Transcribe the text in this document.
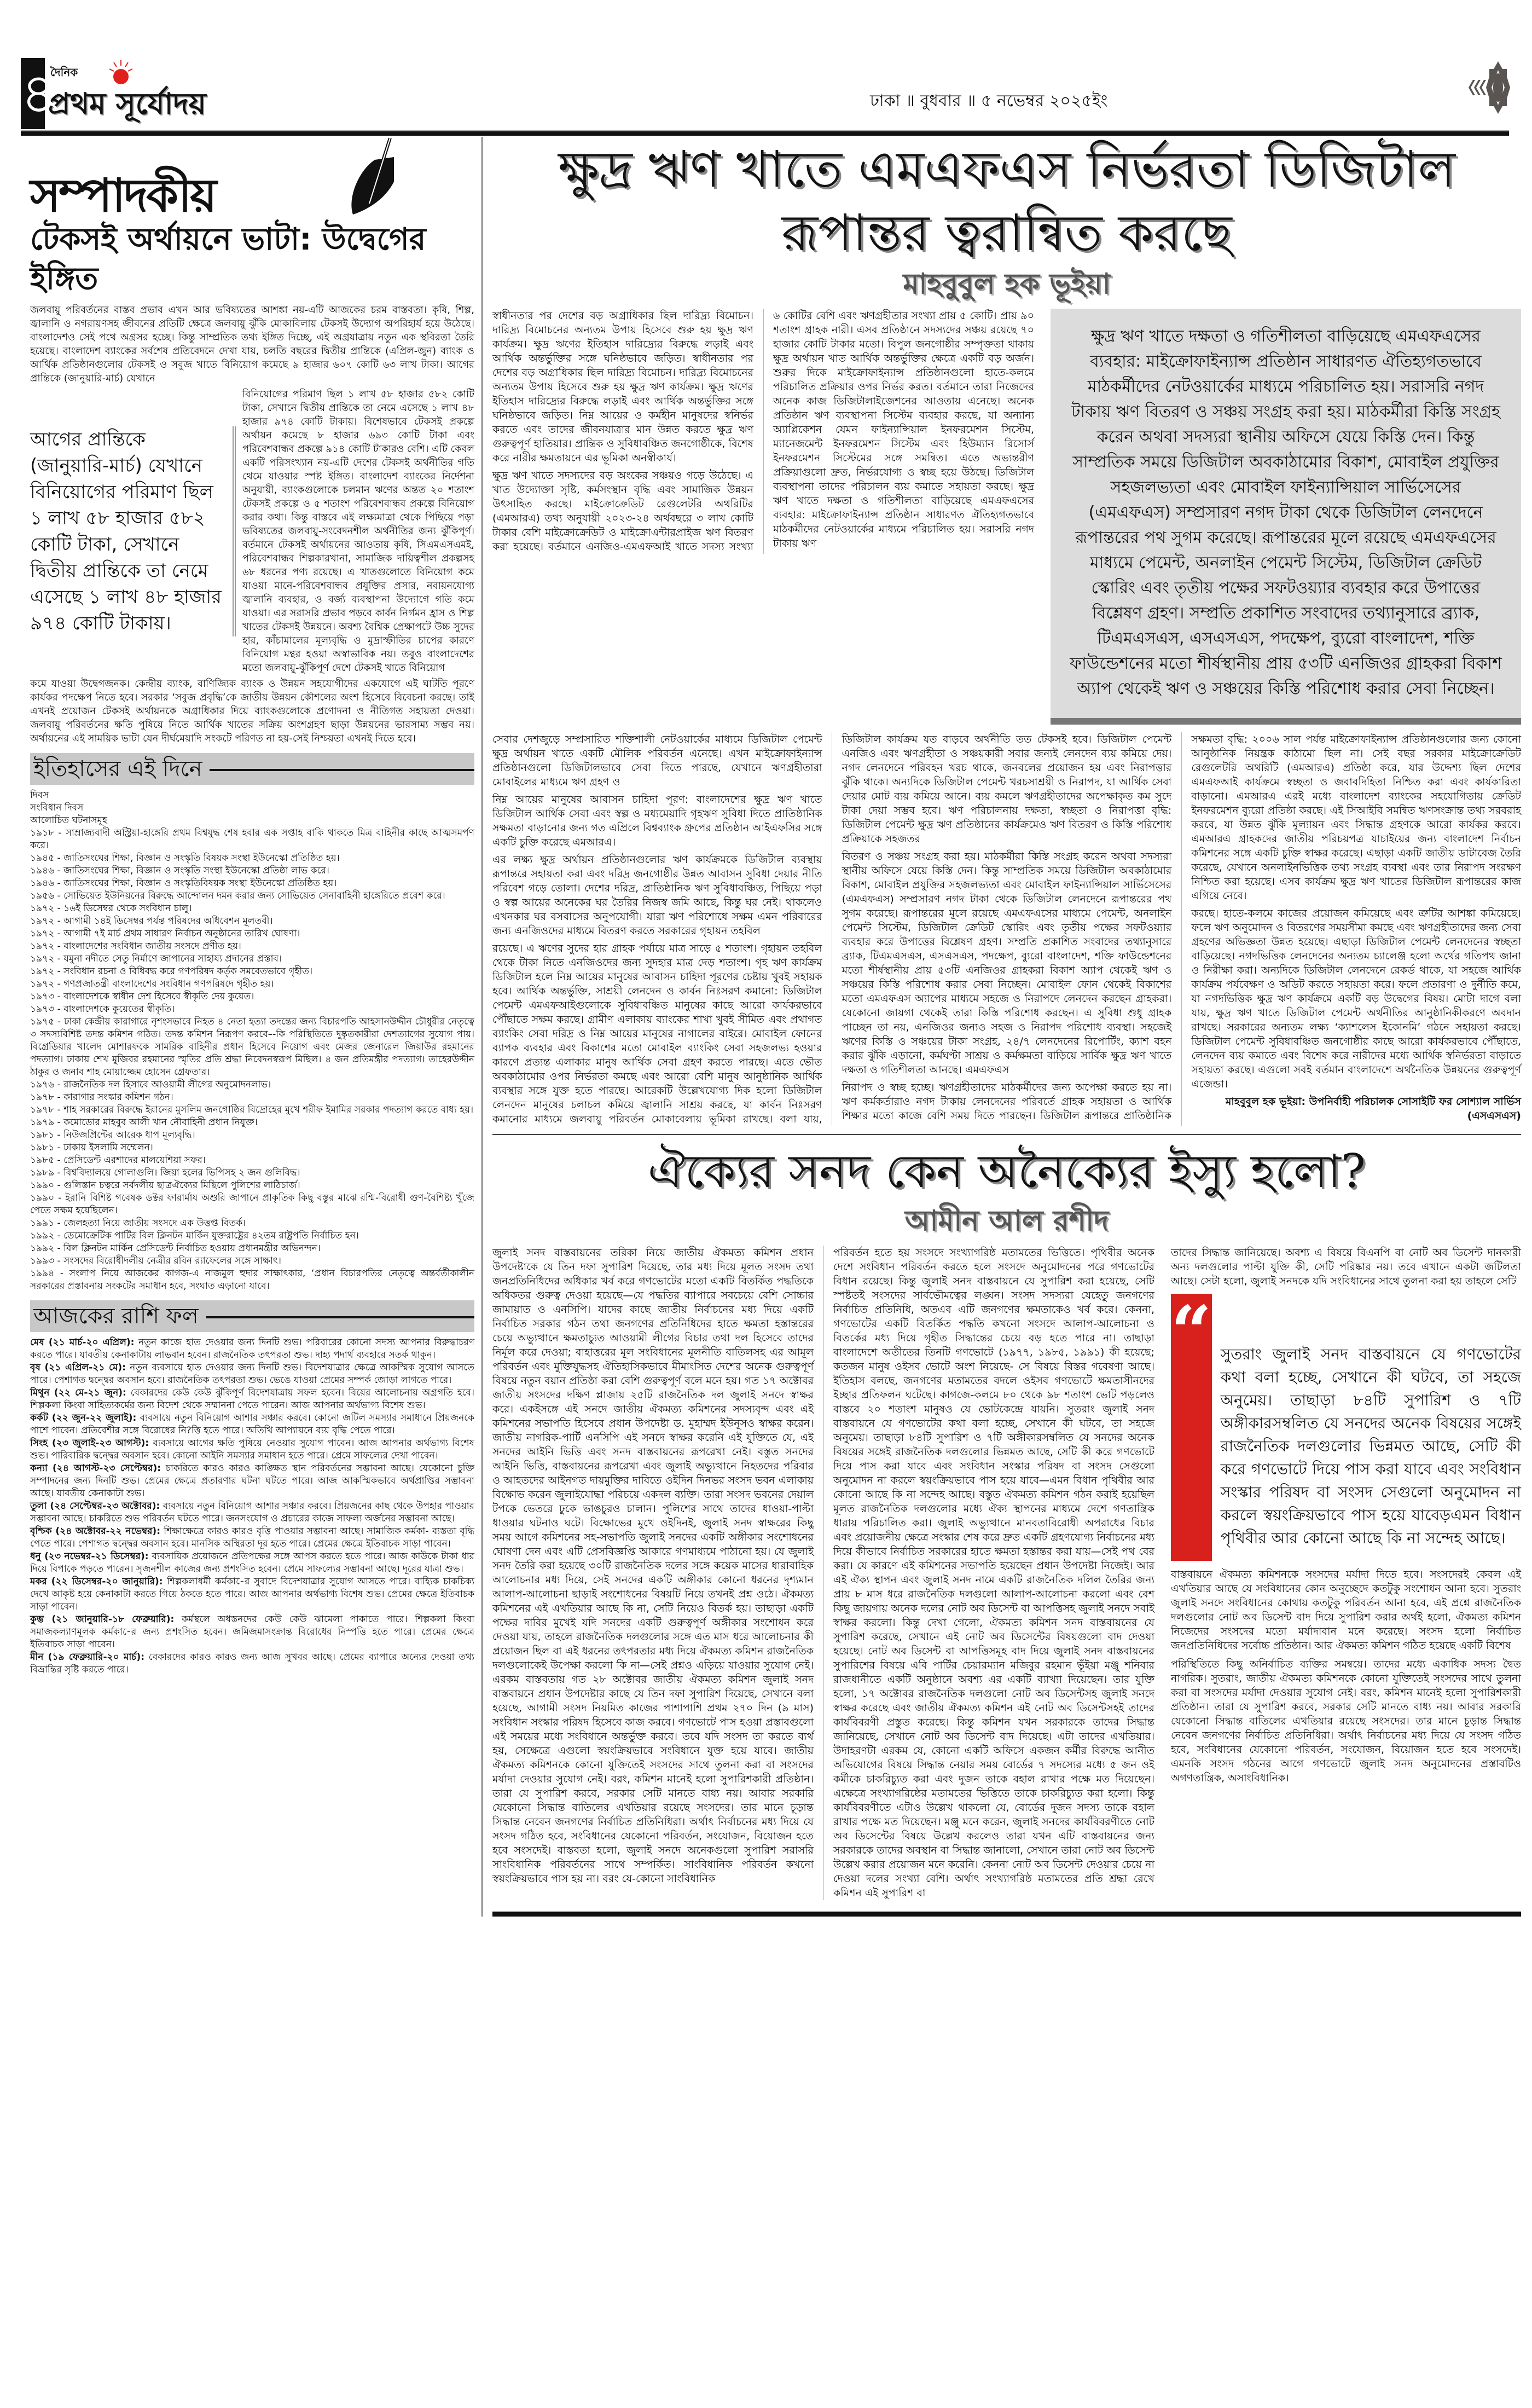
৪
দৈনিক
প্রথম সূর্যোদয়	ঢাকা ॥ বুধবার ॥ ৫ নভেম্বর ২০২৫ইং
সম্পাদকীয়
টেকসই অর্থায়নে ভাটা: উদ্বেগের ইঙ্গিত
জলবায়ু পরিবর্তনের বাস্তব প্রভাব এখন আর ভবিষ্যতের আশঙ্কা নয়-এটি আজকের চরম বাস্তবতা। কৃষি, শিল্প, জ্বালানি ও নগরায়ণসহ জীবনের প্রতিটি ক্ষেত্রে জলবায়ু ঝুঁকি মোকাবিলায় টেকসই উদ্যোগ অপরিহার্য হয়ে উঠেছে। বাংলাদেশও সেই পথে অগ্রসর হচ্ছে। কিন্তু সাম্প্রতিক তথ্য ইঙ্গিত দিচ্ছে, এই অগ্রযাত্রায় নতুন এক স্থবিরতা তৈরি হয়েছে। বাংলাদেশ ব্যাংকের সর্বশেষ প্রতিবেদনে দেখা যায়, চলতি বছরের দ্বিতীয় প্রান্তিকে (এপ্রিল-জুন) ব্যাংক ও আর্থিক প্রতিষ্ঠানগুলোর টেকসই ও সবুজ খাতে বিনিয়োগ কমেছে ৯ হাজার ৬০৭ কোটি ৬৩ লাখ টাকা। আগের প্রান্তিকে (জানুয়ারি-মার্চ) যেখানে
আগের প্রান্তিকে (জানুয়ারি-মার্চ) যেখানে বিনিয়োগের পরিমাণ ছিল ১ লাখ ৫৮ হাজার ৫৮২ কোটি টাকা, সেখানে দ্বিতীয় প্রান্তিকে তা নেমে এসেছে ১ লাখ ৪৮ হাজার ৯৭৪ কোটি টাকায়।
বিনিয়োগের পরিমাণ ছিল ১ লাখ ৫৮ হাজার ৫৮২ কোটি টাকা, সেখানে দ্বিতীয় প্রান্তিকে তা নেমে এসেছে ১ লাখ ৪৮ হাজার ৯৭৪ কোটি টাকায়। বিশেষভাবে টেকসই প্রকল্পে অর্থায়ন কমেছে ৮ হাজার ৬৯৩ কোটি টাকা এবং পরিবেশবান্ধব প্রকল্পে ৯১৪ কোটি টাকারও বেশি। এটি কেবল একটি পরিসংখ্যান নয়-এটি দেশের টেকসই অর্থনীতির গতি থেমে যাওয়ার স্পষ্ট ইঙ্গিত। বাংলাদেশ ব্যাংকের নির্দেশনা অনুযায়ী, ব্যাংকগুলোকে চলমান ঋণের অন্তত ২০ শতাংশ টেকসই প্রকল্পে ও ৫ শতাংশ পরিবেশবান্ধব প্রকল্পে বিনিয়োগ করার কথা। কিন্তু বাস্তবে এই লক্ষ্যমাত্রা থেকে পিছিয়ে পড়া ভবিষ্যতের জলবায়ু-সংবেদনশীল অর্থনীতির জন্য ঝুঁকিপূর্ণ। বর্তমানে টেকসই অর্থায়নের আওতায় কৃষি, সিএমএসএমই, পরিবেশবান্ধব শিল্পকারখানা, সামাজিক দায়িত্বশীল প্রকল্পসহ ৬৮ ধরনের পণ্য রয়েছে। এ খাতগুলোতে বিনিয়োগ কমে যাওয়া মানে-পরিবেশবান্ধব প্রযুক্তির প্রসার, নবায়নযোগ্য জ্বালানি ব্যবহার, ও বর্জ্য ব্যবস্থাপনা উদ্যোগে গতি কমে যাওয়া। এর সরাসরি প্রভাব পড়বে কার্বন নির্গমন হ্রাস ও শিল্প খাতের টেকসই উন্নয়নে। অবশ্য বৈশ্বিক প্রেক্ষাপটে উচ্চ সুদের হার, কাঁচামালের মূল্যবৃদ্ধি ও মুদ্রাস্ফীতির চাপের কারণে বিনিয়োগ মন্থর হওয়া অস্বাভাবিক নয়। তবুও বাংলাদেশের মতো জলবায়ু-ঝুঁকিপূর্ণ দেশে টেকসই খাতে বিনিয়োগ
কমে যাওয়া উদ্বেগজনক। কেন্দ্রীয় ব্যাংক, বাণিজ্যিক ব্যাংক ও উন্নয়ন সহযোগীদের একযোগে এই ঘাটতি পূরণে কার্যকর পদক্ষেপ নিতে হবে। সরকার ‘সবুজ প্রবৃদ্ধি’কে জাতীয় উন্নয়ন কৌশলের অংশ হিসেবে বিবেচনা করছে। তাই এখনই প্রয়োজন টেকসই অর্থায়নকে অগ্রাধিকার দিয়ে ব্যাংকগুলোকে প্রণোদনা ও নীতিগত সহায়তা দেওয়া। জলবায়ু পরিবর্তনের ক্ষতি পুষিয়ে নিতে আর্থিক খাতের সক্রিয় অংশগ্রহণ ছাড়া উন্নয়নের ভারসাম্য সম্ভব নয়। অর্থায়নের এই সাময়িক ভাটা যেন দীর্ঘমেয়াদি সংকটে পরিণত না হয়-সেই নিশ্চয়তা এখনই দিতে হবে।
ইতিহাসের এই দিনে
দিবস
সংবিধান দিবস
আলোচিত ঘটনাসমূহ
১৯১৮ - সাম্রাজ্যবাদী অস্ট্রিয়া-হাঙ্গেরি প্রথম বিশ্বযুদ্ধ শেষ হবার এক সপ্তাহ বাকি থাকতে মিত্র বাহিনীর কাছে আত্মসমর্পণ করে।
১৯৪৫ - জাতিসংঘের শিক্ষা, বিজ্ঞান ও সংস্কৃতি বিষয়ক সংস্থা ইউনেস্কো প্রতিষ্ঠিত হয়।
১৯৪৬ - জাতিসংঘের শিক্ষা, বিজ্ঞান ও সংস্কৃতি সংস্থা ইউনেস্কো প্রতিষ্ঠা লাভ করে।
১৯৪৬ - জাতিসংঘের শিক্ষা, বিজ্ঞান ও সংস্কৃতিবিষয়ক সংস্থা ইউনেস্কো প্রতিষ্ঠিত হয়।
১৯৫৬ - সোভিয়েত ইউনিয়নের বিরুদ্ধে আন্দোলন দমন করার জন্য সোভিয়েত সেনাবাহিনী হাঙ্গেরিতে প্রবেশ করে।
১৯৭২ - ১৬ই ডিসেম্বর থেকে সংবিধান চালু।
১৯৭২ - আগামী ১৪ই ডিসেম্বর পর্যন্ত পরিষদের অধিবেশন মূলতবী।
১৯৭২ - আগামী ৭ই মার্চ প্রথম সাধারণ নির্বাচন অনুষ্ঠানের তারিখ ঘোষণা।
১৯৭২ - বাংলাদেশের সংবিধান জাতীয় সংসদে প্রণীত হয়।
১৯৭২ - যমুনা নদীতে সেতু নির্মাণে জাপানের সাহায্য প্রদানের প্রস্তাব।
১৯৭২ - সংবিধান রচনা ও বিধিবদ্ধ করে গণপরিষদ কর্তৃক সমবেতভাবে গৃহীত।
১৯৭২ - গণপ্রজাতন্ত্রী বাংলাদেশের সংবিধান গণপরিষদে গৃহীত হয়।
১৯৭৩ - বাংলাদেশকে স্বাধীন দেশ হিসেবে স্বীকৃতি দেয় কুয়েত।
১৯৭৩ - বাংলাদেশকে কুয়েতের স্বীকৃতি।
১৯৭৫ - ঢাকা কেন্দ্রীয় কারাগারে নৃশংসভাবে নিহত ৪ নেতা হত্যা তদন্তের জন্য বিচারপতি আহসানউদ্দীন চৌধুরীর নেতৃত্বে ৩ সদস্যবিশিষ্ট তদন্ত কমিশন গঠিত। তদন্ত কমিশন নিরূপণ করবে–-কি পরিস্থিতিতে দুষ্কৃতকারীরা দেশত্যাগের সুযোগ পায়। বিগ্রেডিয়ার খালেদ মোশারফকে সামরিক বাহিনীর প্রধান হিসেবে নিয়োগ এবং মেজর জেনারেল জিয়াউর রহমানের পদত্যাগ। ঢাকায় শেখ মুজিবর রহমানের স্মৃতির প্রতি শ্রদ্ধা নিবেদনস্বরূপ মিছিল। ৪ জন প্রতিমন্ত্রীর পদত্যাগ। তাহেরউদ্দীন ঠাকুর ও জনাব শাহ মোয়াজ্জেম হোসেন গ্রেফতার।
১৯৭৬ - রাজনৈতিক দল হিসাবে আওয়ামী লীগের অনুমোদনলাভ।
১৯৭৮ - কারাগার সংস্কার কমিশন গঠন।
১৯৭৮ - শাহ সরকারের বিরুদ্ধে ইরানের মুসলিম জনগোষ্ঠির বিদ্রোহের মুখে শরীফ ইমামির সরকার পদত্যাগ করতে বাধ্য হয়।
১৯৭৯ - কমোডোর মাহবুব আলী খান নৌবাহিনী প্রধান নিযুক্ত।
১৯৮১ - নিউজপ্রিন্টের আরেক ধাপ মূল্যবৃদ্ধি।
১৯৮১ - ঢাকায় ইসলামি সম্মেলন।
১৯৮৫ - প্রেসিডেন্ট এরশাদের মালয়েশিয়া সফর।
১৯৮৯ - বিশ্ববিদ্যালয়ে গোলাগুলি। জিয়া হলের ভিপিসহ ২ জন গুলিবিদ্ধ।
১৯৯০ - গুলিস্তান চত্বরে সর্বদলীয় ছাত্রঐক্যের মিছিলে পুলিশের লাঠিচার্জ।
১৯৯০ - ইরানি বিশিষ্ট গবেষক ডক্টর ফারার্মায অশুরি জাপানে প্রাকৃতিক কিছু বস্তুর মাঝে রশ্মি-বিরোধী গুণ-বৈশিষ্ট্য খুঁজে পেতে সক্ষম হয়েছিলেন।
১৯৯১ - জেলহত্যা নিয়ে জাতীয় সংসদে এক উত্তপ্ত বিতর্ক।
১৯৯২ - ডেমোক্রেটিক পার্টির বিল ক্লিনটন মার্কিন যুক্তরাষ্ট্রের ৪২তম রাষ্ট্রপতি নির্বাচিত হন।
১৯৯২ - বিল ক্লিনটন মার্কিন প্রেসিডেন্ট নির্বাচিত হওয়ায় প্রধানমন্ত্রীর অভিনন্দন।
১৯৯৩ - সংসদের বিরোধীদলীয় নেত্রীর রবিন র‍্যাফেলের সঙ্গে সাক্ষাৎ।
১৯৯৪ - সংলাপ নিয়ে আজকের কাগজ-এ নাজমুল হুদার সাক্ষাৎকার, ‘প্রধান বিচারপতির নেতৃত্বে অন্তর্বর্তীকালীন সরকারের প্রস্তাবনায় সংকটের সমাধান হবে, সংঘাত এড়ানো যাবে।
আজকের রাশি ফল
মেষ (২১ মার্চ-২০ এপ্রিল): নতুন কাজে হাত দেওয়ার জন্য দিনটি শুভ। পরিবারের কোনো সদস্য আপনার বিরুদ্ধাচরণ করতে পারে। যাবতীয় কেনাকাটায় লাভবান হবেন। রাজনৈতিক তৎপরতা শুভ। দাহ্য পদার্থ ব্যবহারে সতর্ক থাকুন।
বৃষ (২১ এপ্রিল-২১ মে): নতুন ব্যবসায়ে হাত দেওয়ার জন্য দিনটি শুভ। বিদেশযাত্রার ক্ষেত্রে আকস্মিক সুযোগ আসতে পারে। পেশাগত দ্বন্দ্বের অবসান হবে। রাজনৈতিক তৎপরতা শুভ। ভেঙে যাওয়া প্রেমের সম্পর্ক জোড়া লাগতে পারে।
মিথুন (২২ মে-২১ জুন): বেকারদের কেউ কেউ ঝুঁকিপূর্ণ বিদেশযাত্রায় সফল হবেন। বিয়ের আলোচনায় অগ্রগতি হবে। শিল্পকলা কিংবা সাহিত্যকর্মের জন্য বিদেশ থেকে সম্মাননা পেতে পারেন। আজ আপনার অর্থভাগ্য বিশেষ শুভ।
কর্কট (২২ জুন-২২ জুলাই): ব্যবসায়ে নতুন বিনিয়োগ আশার সঞ্চার করবে। কোনো জটিল সমস্যার সমাধানে প্রিয়জনকে পাশে পাবেন। প্রতিবেশীর সঙ্গে বিরোধের নি?ত্তি হতে পারে। অতিথি আপ্যায়নে ব্যয় বৃদ্ধি পেতে পারে।
সিংহ (২৩ জুলাই-২৩ আগস্ট): ব্যবসায়ে আগের ক্ষতি পুষিয়ে নেওয়ার সুযোগ পাবেন। আজ আপনার অর্থভাগ্য বিশেষ শুভ। পারিবারিক দ্বন্দ্বের অবসান হবে। কোনো আইনি সমস্যার সমাধান হতে পারে। প্রেমে সাফল্যের দেখা পাবেন।
কন্যা (২৪ আগস্ট-২৩ সেপ্টেম্বর): চাকরিতে কারও কারও কাঙ্ক্ষিত স্থান পরিবর্তনের সম্ভাবনা আছে। যেকোনো চুক্তি সম্পাদনের জন্য দিনটি শুভ। প্রেমের ক্ষেত্রে প্রতারণার ঘটনা ঘটতে পারে। আজ আকস্মিকভাবে অর্থপ্রাপ্তির সম্ভাবনা আছে। যাবতীয় কেনাকাটা শুভ।
তুলা (২৪ সেপ্টেম্বর-২৩ অক্টোবর): ব্যবসায়ে নতুন বিনিয়োগ আশার সঞ্চার করবে। প্রিয়জনের কাছ থেকে উপহার পাওয়ার সম্ভাবনা আছে। চাকরিতে শুভ পরিবর্তন ঘটতে পারে। জনসংযোগ ও প্রচারের কাজে সাফল্য অর্জনের সম্ভাবনা আছে।
বৃশ্চিক (২৪ অক্টোবর-২২ নভেম্বর): শিক্ষাক্ষেত্রে কারও কারও বৃত্তি পাওয়ার সম্ভাবনা আছে। সামাজিক কর্মকা- ব্যস্ততা বৃদ্ধি পেতে পারে। পেশাগত দ্বন্দ্বের অবসান হবে। মানসিক অস্থিরতা দূর হতে পারে। প্রেমের ক্ষেত্রে ইতিবাচক সাড়া পাবেন।
ধনু (২৩ নভেম্বর-২১ ডিসেম্বর): ব্যবসায়িক প্রয়োজনে প্রতিপক্ষের সঙ্গে আপস করতে হতে পারে। আজ কাউকে টাকা ধার দিয়ে বিপাকে পড়তে পারেন। সৃজনশীল কাজের জন্য প্রশংসিত হবেন। প্রেমে সাফল্যের সম্ভাবনা আছে। দূরের যাত্রা শুভ।
মকর (২২ ডিসেম্বর-২০ জানুয়ারি): শিল্পকলাধর্মী কর্মকা-ের সুবাদে বিদেশযাত্রার সুযোগ আসতে পারে। বাহ্যিক চাকচিক্য দেখে আকৃষ্ট হয়ে কেনাকাটা করতে গিয়ে ঠকতে হতে পারে। আজ আপনার অর্থভাগ্য বিশেষ শুভ। প্রেমের ক্ষেত্রে ইতিবাচক সাড়া পাবেন।
কুম্ভ (২১ জানুয়ারি-১৮ ফেব্রুয়ারি): কর্মস্থলে অধস্তনদের কেউ কেউ ঝামেলা পাকাতে পারে। শিল্পকলা কিংবা সমাজকল্যাণমূলক কর্মকা-ের জন্য প্রশংসিত হবেন। জমিজমাসংক্রান্ত বিরোধের নিস্পত্তি হতে পারে। প্রেমের ক্ষেত্রে ইতিবাচক সাড়া পাবেন।
মীন (১৯ ফেব্রুয়ারি-২০ মার্চ): বেকারদের কারও কারও জন্য আজ সুখবর আছে। প্রেমের ব্যাপারে অন্যের দেওয়া তথ্য বিভ্রান্তির সৃষ্টি করতে পারে।
ক্ষুদ্র ঋণ খাতে এমএফএস নির্ভরতা ডিজিটাল রূপান্তর ত্বরান্বিত করছে
মাহবুবুল হক ভূইয়া

স্বাধীনতার পর দেশের বড় অগ্রাধিকার ছিল দারিদ্র্য বিমোচন। দারিদ্র্য বিমোচনের অন্যতম উপায় হিসেবে শুরু হয় ক্ষুদ্র ঋণ কার্যক্রম। ক্ষুদ্র ঋণের ইতিহাস দারিদ্র্যের বিরুদ্ধে লড়াই এবং আর্থিক অন্তর্ভুক্তির সঙ্গে ঘনিষ্ঠভাবে জড়িত। স্বাধীনতার পর দেশের বড় অগ্রাধিকার ছিল দারিদ্র্য বিমোচন। দারিদ্র্য বিমোচনের অন্যতম উপায় হিসেবে শুরু হয় ক্ষুদ্র ঋণ কার্যক্রম। ক্ষুদ্র ঋণের ইতিহাস দারিদ্র্যের বিরুদ্ধে লড়াই এবং আর্থিক অন্তর্ভুক্তির সঙ্গে ঘনিষ্ঠভাবে জড়িত। নিম্ন আয়ের ও কর্মহীন মানুষদের স্বনির্ভর করতে এবং তাদের জীবনযাত্রার মান উন্নত করতে ক্ষুদ্র ঋণ গুরুত্বপূর্ণ হাতিয়ার। প্রান্তিক ও সুবিধাবঞ্চিত জনগোষ্ঠীকে, বিশেষ করে নারীর ক্ষমতায়নে এর ভূমিকা অনস্বীকার্য।

ক্ষুদ্র ঋণ খাতে সদস্যদের বড় অংকের সঞ্চয়ও গড়ে উঠেছে। এ খাত উদ্যোক্তা সৃষ্টি, কর্মসংস্থান বৃদ্ধি এবং সামাজিক উন্নয়ন উৎসাহিত করছে। মাইক্রোক্রেডিট রেগুলেটরি অথরিটির (এমআরএ) তথ্য অনুযায়ী ২০২৩-২৪ অর্থবছরে ৩ লাখ কোটি টাকার বেশি মাইক্রোক্রেডিট ও মাইক্রোএন্টারপ্রাইজ ঋণ বিতরণ করা হয়েছে। বর্তমানে এনজিও-এমএফআই খাতে সদস্য সংখ্যা ৬ কোটির বেশি এবং ঋণগ্রহীতার সংখ্যা প্রায় ৫ কোটি। প্রায় ৯০ শতাংশ গ্রাহক নারী। এসব প্রতিষ্ঠানে সদস্যদের সঞ্চয় রয়েছে ৭০ হাজার কোটি টাকার মতো। বিপুল জনগোষ্ঠীর সম্পৃক্ততা থাকায় ক্ষুদ্র অর্থায়ন খাত আর্থিক অন্তর্ভুক্তির ক্ষেত্রে একটি বড় অর্জন। শুরুর দিকে মাইক্রোফাইন্যান্স প্রতিষ্ঠানগুলো হাতে-কলমে পরিচালিত প্রক্রিয়ার ওপর নির্ভর করত। বর্তমানে তারা নিজেদের অনেক কাজ ডিজিটালাইজেশনের আওতায় এনেছে। অনেক প্রতিষ্ঠান ঋণ ব্যবস্থাপনা সিস্টেম ব্যবহার করছে, যা অন্যান্য অ্যাপ্লিকেশন যেমন ফাইন্যান্সিয়াল ইনফরমেশন সিস্টেম, ম্যানেজমেন্ট ইনফরমেশন সিস্টেম এবং হিউম্যান রিসোর্স ইনফরমেশন সিস্টেমের সঙ্গে সমন্বিত। এতে অভ্যন্তরীণ প্রক্রিয়াগুলো দ্রুত, নির্ভরযোগ্য ও স্বচ্ছ হয়ে উঠছে। ডিজিটাল ব্যবস্থাপনা তাদের পরিচালন ব্যয় কমাতে সহায়তা করছে। ক্ষুদ্র ঋণ খাতে দক্ষতা ও গতিশীলতা বাড়িয়েছে এমএফএসের ব্যবহার: মাইক্রোফাইন্যান্স প্রতিষ্ঠান সাধারণত ঐতিহ্যগতভাবে মাঠকর্মীদের নেটওয়ার্কের মাধ্যমে পরিচালিত হয়। সরাসরি নগদ টাকায় ঋণ

ক্ষুদ্র ঋণ খাতে দক্ষতা ও গতিশীলতা বাড়িয়েছে এমএফএসের ব্যবহার: মাইক্রোফাইন্যান্স প্রতিষ্ঠান সাধারণত ঐতিহ্যগতভাবে মাঠকর্মীদের নেটওয়ার্কের মাধ্যমে পরিচালিত হয়। সরাসরি নগদ টাকায় ঋণ বিতরণ ও সঞ্চয় সংগ্রহ করা হয়। মাঠকর্মীরা কিস্তি সংগ্রহ করেন অথবা সদস্যরা স্থানীয় অফিসে যেয়ে কিস্তি দেন। কিন্তু সাম্প্রতিক সময়ে ডিজিটাল অবকাঠামোর বিকাশ, মোবাইল প্রযুক্তির সহজলভ্যতা এবং মোবাইল ফাইন্যান্সিয়াল সার্ভিসেসের (এমএফএস) সম্প্রসারণ নগদ টাকা থেকে ডিজিটাল লেনদেনে রূপান্তরের পথ সুগম করেছে। রূপান্তরের মূলে রয়েছে এমএফএসের মাধ্যমে পেমেন্ট, অনলাইন পেমেন্ট সিস্টেম, ডিজিটাল ক্রেডিট স্কোরিং এবং তৃতীয় পক্ষের সফটওয়্যার ব্যবহার করে উপাত্তের বিশ্লেষণ গ্রহণ। সম্প্রতি প্রকাশিত সংবাদের তথ্যানুসারে ব্র্যাক, টিএমএসএস, এসএসএস, পদক্ষেপ, ব্যুরো বাংলাদেশ, শক্তি ফাউন্ডেশনের মতো শীর্ষস্থানীয় প্রায় ৫৩টি এনজিওর গ্রাহকরা বিকাশ অ্যাপ থেকেই ঋণ ও সঞ্চয়ের কিস্তি পরিশোধ করার সেবা নিচ্ছেন।

সেবার দেশজুড়ে সম্প্রসারিত শক্তিশালী নেটওয়ার্কের মাধ্যমে ডিজিটাল পেমেন্ট ক্ষুদ্র অর্থায়ন খাতে একটি মৌলিক পরিবর্তন এনেছে। এখন মাইক্রোফাইন্যান্স প্রতিষ্ঠানগুলো ডিজিটালভাবে সেবা দিতে পারছে, যেখানে ঋণগ্রহীতারা মোবাইলের মাধ্যমে ঋণ গ্রহণ ও

নিম্ন আয়ের মানুষের আবাসন চাহিদা পূরণ: বাংলাদেশের ক্ষুদ্র ঋণ খাতে ডিজিটাল আর্থিক সেবা এবং স্বল্প ও মধ্যমেয়াদি গৃহঋণ সুবিধা দিতে প্রাতিষ্ঠানিক সক্ষমতা বাড়ানোর জন্য গত এপ্রিলে বিশ্বব্যাংক গ্রুপের প্রতিষ্ঠান আইএফসির সঙ্গে একটি চুক্তি করেছে এমআরএ।

এর লক্ষ্য ক্ষুদ্র অর্থায়ন প্রতিষ্ঠানগুলোর ঋণ কার্যক্রমকে ডিজিটাল ব্যবস্থায় রূপান্তরে সহায়তা করা এবং দরিদ্র জনগোষ্ঠীর উন্নত আবাসন সুবিধা দেয়ার নীতি পরিবেশ গড়ে তোলা। দেশের দরিদ্র, প্রাতিষ্ঠানিক ঋণ সুবিধাবঞ্চিত, পিছিয়ে পড়া ও স্বল্প আয়ের অনেকের ঘর তৈরির নিজস্ব জমি আছে, কিন্তু ঘর নেই। থাকলেও এখনকার ঘর বসবাসের অনুপযোগী। যারা ঋণ পরিশোধে সক্ষম এমন পরিবারের জন্য এনজিওদের মাধ্যমে বিতরণ করতে সরকারের গৃহায়ন তহবিল

রয়েছে। এ ঋণের সুদের হার গ্রাহক পর্যায়ে মাত্র সাড়ে ৫ শতাংশ। গৃহায়ন তহবিল থেকে টাকা নিতে এনজিওদের জন্য সুদহার মাত্র দেড় শতাংশ। গৃহ ঋণ কার্যক্রম ডিজিটাল হলে নিম্ন আয়ের মানুষের আবাসন চাহিদা পূরণের চেষ্টায় খুবই সহায়ক হবে। আর্থিক অন্তর্ভুক্তি, সাশ্রয়ী লেনদেন ও কার্বন নিঃসরণ কমানো: ডিজিটাল পেমেন্ট এমএফআইগুলোকে সুবিধাবঞ্চিত মানুষের কাছে আরো কার্যকরভাবে পৌঁছাতে সক্ষম করছে। গ্রামীণ এলাকায় ব্যাংকের শাখা খুবই সীমিত এবং প্রথাগত ব্যাংকিং সেবা দরিদ্র ও নিম্ন আয়ের মানুষের নাগালের বাইরে। মোবাইল ফোনের ব্যাপক ব্যবহার এবং বিকাশের মতো মোবাইল ব্যাংকিং সেবা সহজলভ্য হওয়ার কারণে প্রত্যন্ত এলাকার মানুষ আর্থিক সেবা গ্রহণ করতে পারছে। এতে ভৌত অবকাঠামোর ওপর নির্ভরতা কমছে এবং আরো বেশি মানুষ আনুষ্ঠানিক আর্থিক ব্যবস্থার সঙ্গে যুক্ত হতে পারছে। আরেকটি উল্লেখযোগ্য দিক হলো ডিজিটাল লেনদেন মানুষের চলাচল কমিয়ে জ্বালানি সাশ্রয় করছে, যা কার্বন নিঃসরণ কমানোর মাধ্যমে জলবায়ু পরিবর্তন মোকাবেলায় ভূমিকা রাখছে। বলা যায়, ডিজিটাল কার্যক্রম যত বাড়বে অর্থনীতি তত টেকসই হবে। ডিজিটাল পেমেন্ট এনজিও এবং ঋণগ্রহীতা ও সঞ্চয়কারী সবার জন্যই লেনদেন ব্যয় কমিয়ে দেয়। নগদ লেনদেনে পরিবহন খরচ থাকে, জনবলের প্রয়োজন হয় এবং নিরাপত্তার ঝুঁকি থাকে। অন্যদিকে ডিজিটাল পেমেন্ট খরচসাশ্রয়ী ও নিরাপদ, যা আর্থিক সেবা দেয়ার মোট ব্যয় কমিয়ে আনে। ব্যয় কমলে ঋণগ্রহীতাদের অপেক্ষাকৃত কম সুদে টাকা দেয়া সম্ভব হবে। ঋণ পরিচালনায় দক্ষতা, স্বচ্ছতা ও নিরাপত্তা বৃদ্ধি: ডিজিটাল পেমেন্ট ক্ষুদ্র ঋণ প্রতিষ্ঠানের কার্যক্রমেও ঋণ বিতরণ ও কিস্তি পরিশোধ প্রক্রিয়াকে সহজতর

বিতরণ ও সঞ্চয় সংগ্রহ করা হয়। মাঠকর্মীরা কিস্তি সংগ্রহ করেন অথবা সদস্যরা স্থানীয় অফিসে যেয়ে কিস্তি দেন। কিন্তু সাম্প্রতিক সময়ে ডিজিটাল অবকাঠামোর বিকাশ, মোবাইল প্রযুক্তির সহজলভ্যতা এবং মোবাইল ফাইন্যান্সিয়াল সার্ভিসেসের (এমএফএস) সম্প্রসারণ নগদ টাকা থেকে ডিজিটাল লেনদেনে রূপান্তরের পথ সুগম করেছে। রূপান্তরের মূলে রয়েছে এমএফএসের মাধ্যমে পেমেন্ট, অনলাইন পেমেন্ট সিস্টেম, ডিজিটাল ক্রেডিট স্কোরিং এবং তৃতীয় পক্ষের সফটওয়্যার ব্যবহার করে উপাত্তের বিশ্লেষণ গ্রহণ। সম্প্রতি প্রকাশিত সংবাদের তথ্যানুসারে ব্র্যাক, টিএমএসএস, এসএসএস, পদক্ষেপ, ব্যুরো বাংলাদেশ, শক্তি ফাউন্ডেশনের মতো শীর্ষস্থানীয় প্রায় ৫৩টি এনজিওর গ্রাহকরা বিকাশ অ্যাপ থেকেই ঋণ ও সঞ্চয়ের কিস্তি পরিশোধ করার সেবা নিচ্ছেন। মোবাইল ফোন থেকেই বিকাশের মতো এমএফএস অ্যাপের মাধ্যমে সহজে ও নিরাপদে লেনদেন করছেন গ্রাহকরা। যেকোনো জায়গা থেকেই তারা কিস্তি পরিশোধ করছেন। এ সুবিধা শুধু গ্রাহক পাচ্ছেন তা নয়, এনজিওর জন্যও সহজ ও নিরাপদ পরিশোধ ব্যবস্থা। সহজেই ঋণের কিস্তি ও সঞ্চয়ের টাকা সংগ্রহ, ২৪/৭ লেনদেনের রিপোর্টিং, ক্যাশ বহন করার ঝুঁকি এড়ানো, কর্মঘণ্টা সাশ্রয় ও কর্মক্ষমতা বাড়িয়ে সার্বিক ক্ষুদ্র ঋণ খাতে দক্ষতা ও গতিশীলতা আনছে। এমএফএস

নিরাপদ ও স্বচ্ছ হচ্ছে। ঋণগ্রহীতাদের মাঠকর্মীদের জন্য অপেক্ষা করতে হয় না। ঋণ কর্মকর্তারাও নগদ টাকায় লেনদেনের পরিবর্তে গ্রাহক সহায়তা ও আর্থিক শিক্ষার মতো কাজে বেশি সময় দিতে পারছেন। ডিজিটাল রূপান্তরে প্রাতিষ্ঠানিক সক্ষমতা বৃদ্ধি: ২০০৬ সাল পর্যন্ত মাইক্রোফাইন্যান্স প্রতিষ্ঠানগুলোর জন্য কোনো আনুষ্ঠানিক নিয়ন্ত্রক কাঠামো ছিল না। সেই বছর সরকার মাইক্রোক্রেডিট রেগুলেটরি অথরিটি (এমআরএ) প্রতিষ্ঠা করে, যার উদ্দেশ্য ছিল দেশের এমএফআই কার্যক্রমে স্বচ্ছতা ও জবাবদিহিতা নিশ্চিত করা এবং কার্যকারিতা বাড়ানো। এমআরএ এরই মধ্যে বাংলাদেশ ব্যাংকের সহযোগিতায় ক্রেডিট ইনফরমেশন ব্যুরো প্রতিষ্ঠা করছে। এই সিআইবি সমন্বিত ঋণসংক্রান্ত তথ্য সরবরাহ করবে, যা উন্নত ঝুঁকি মূল্যায়ন এবং সিদ্ধান্ত গ্রহণকে আরো কার্যকর করবে। এমআরএ গ্রাহকদের জাতীয় পরিচয়পত্র যাচাইয়ের জন্য বাংলাদেশ নির্বাচন কমিশনের সঙ্গে একটি চুক্তি স্বাক্ষর করেছে। এছাড়া একটি জাতীয় ডাটাবেজ তৈরি করেছে, যেখানে অনলাইনভিত্তিক তথ্য সংগ্রহ ব্যবস্থা এবং তার নিরাপদ সংরক্ষণ নিশ্চিত করা হয়েছে। এসব কার্যক্রম ক্ষুদ্র ঋণ খাতের ডিজিটাল রূপান্তরের কাজ এগিয়ে নেবে।

করছে। হাতে-কলমে কাজের প্রয়োজন কমিয়েছে এবং ত্রুটির আশঙ্কা কমিয়েছে। ফলে ঋণ অনুমোদন ও বিতরণের সময়সীমা কমছে এবং ঋণগ্রহীতাদের জন্য সেবা গ্রহণের অভিজ্ঞতা উন্নত হয়েছে। এছাড়া ডিজিটাল পেমেন্ট লেনদেনের স্বচ্ছতা বাড়িয়েছে। নগদভিত্তিক লেনদেনের অন্যতম চ্যালেঞ্জ হলো অর্থের গতিপথ জানা ও নিরীক্ষা করা। অন্যদিকে ডিজিটাল লেনদেনে রেকর্ড থাকে, যা সহজে আর্থিক কার্যক্রম পর্যবেক্ষণ ও অডিট করতে সহায়তা করে। ফলে প্রতারণা ও দুর্নীতি কমে, যা নগদভিত্তিক ক্ষুদ্র ঋণ কার্যক্রমে একটি বড় উদ্বেগের বিষয়। মোটা দাগে বলা যায়, ক্ষুদ্র ঋণ খাতে ডিজিটাল পেমেন্ট অর্থনীতির আনুষ্ঠানিকীকরণে অবদান রাখছে। সরকারের অন্যতম লক্ষ্য ‘ক্যাশলেস ইকোনমি’ গঠনে সহায়তা করছে। ডিজিটাল পেমেন্ট সুবিধাবঞ্চিত জনগোষ্ঠীর কাছে আরো কার্যকরভাবে পৌঁছাতে, লেনদেন ব্যয় কমাতে এবং বিশেষ করে নারীদের মধ্যে আর্থিক স্বনির্ভরতা বাড়াতে সহায়তা করছে। এগুলো সবই বর্তমান বাংলাদেশে অর্থনৈতিক উন্নয়নের গুরুত্বপূর্ণ এজেন্ডা।

মাহবুবুল হক ভূইয়া: উপনির্বাহী পরিচালক সোসাইটি ফর সোশ্যাল সার্ভিস (এসএসএস)
ঐক্যের সনদ কেন অনৈক্যের ইস্যু হলো?
আমীন আল রশীদ

জুলাই সনদ বাস্তবায়নের তরিকা নিয়ে জাতীয় ঐকমত্য কমিশন প্রধান উপদেষ্টাকে যে তিন দফা সুপারিশ দিয়েছে, তার মধ্য দিয়ে মূলত সংসদ তথা জনপ্রতিনিধিদের অধিকার খর্ব করে গণভোটের মতো একটি বিতর্কিত পদ্ধতিকে অধিকতর গুরুত্ব দেওয়া হয়েছে—যে পদ্ধতির ব্যাপারে সবচেয়ে বেশি সোচ্চার জামায়াত ও এনসিপি। যাদের কাছে জাতীয় নির্বাচনের মধ্য দিয়ে একটি নির্বাচিত সরকার গঠন তথা জনগণের প্রতিনিধিদের হাতে ক্ষমতা হস্তান্তরের চেয়ে অভ্যুত্থানে ক্ষমতাচ্যুত আওয়ামী লীগের বিচার তথা দল হিসেবে তাদের নির্মূল করে দেওয়া; বাহাত্তরের মূল সংবিধানের মূলনীতি বাতিলসহ এর আমূল পরিবর্তন এবং মুক্তিযুদ্ধসহ ঐতিহাসিকভাবে মীমাংসিত দেশের অনেক গুরুত্বপূর্ণ বিষয়ে নতুন বয়ান প্রতিষ্ঠা করা বেশি গুরুত্বপূর্ণ বলে মনে হয়। গত ১৭ অক্টোবর জাতীয় সংসদের দক্ষিণ প্লাজায় ২৫টি রাজনৈতিক দল জুলাই সনদে স্বাক্ষর করে। একইসঙ্গে এই সনদে জাতীয় ঐকমত্য কমিশনের সদস্যবৃন্দ এবং এই কমিশনের সভাপতি হিসেবে প্রধান উপদেষ্টা ড. মুহাম্মদ ইউনূসও স্বাক্ষর করেন। জাতীয় নাগরিক-পার্টি এনসিপি এই সনদে স্বাক্ষর করেনি এই যুক্তিতে যে, এই সনদের আইনি ভিত্তি এবং সনদ বাস্তবায়নের রূপরেখা নেই। বস্তুত সনদের আইনি ভিত্তি, বাস্তবায়নের রূপরেখা এবং জুলাই অভ্যুত্থানে নিহতদের পরিবার ও আহতদের আইনগত দায়মুক্তির দাবিতে ওইদিন দিনভর সংসদ ভবন এলাকায় বিক্ষোভ করেন জুলাইযোদ্ধা পরিচয়ে একদল ব্যক্তি। তারা সংসদ ভবনের দেয়াল টপকে ভেতরে ঢুকে ভাঙচুরও চালান। পুলিশের সাথে তাদের ধাওয়া-পাল্টা ধাওয়ার ঘটনাও ঘটে। বিক্ষোভের মুখে ওইদিনই, জুলাই সনদ স্বাক্ষরের কিছু সময় আগে কমিশনের সহ-সভাপতি জুলাই সনদের একটি অঙ্গীকার সংশোধনের ঘোষণা দেন এবং এটি প্রেসবিজ্ঞপ্তি আকারে গণমাধ্যমে পাঠানো হয়। যে জুলাই সনদ তৈরি করা হয়েছে ৩০টি রাজনৈতিক দলের সঙ্গে কয়েক মাসের ধারাবাহিক আলোচনার মধ্য দিয়ে, সেই সনদের একটি অঙ্গীকার কোনো ধরনের দৃশ্যমান আলাপ-আলোচনা ছাড়াই সংশোধনের বিষয়টি নিয়ে তখনই প্রশ্ন ওঠে। ঐকমত্য কমিশনের এই এখতিয়ার আছে কি না, সেটি নিয়েও বিতর্ক হয়। তাছাড়া একটি পক্ষের দাবির মুখেই যদি সনদের একটি গুরুত্বপূর্ণ অঙ্গীকার সংশোধন করে দেওয়া যায়, তাহলে রাজনৈতিক দলগুলোর সঙ্গে এত মাস ধরে আলোচনার কী প্রয়োজন ছিল বা এই ধরনের তৎপরতার মধ্য দিয়ে ঐকমত্য কমিশন রাজনৈতিক দলগুলোকেই উপেক্ষা করলো কি না—সেই প্রশ্নও এড়িয়ে যাওয়ার সুযোগ নেই। এরকম বাস্তবতায় গত ২৮ অক্টোবর জাতীয় ঐকমত্য কমিশন জুলাই সনদ বাস্তবায়নে প্রধান উপদেষ্টার কাছে যে তিন দফা সুপারিশ দিয়েছে, সেখানে বলা হয়েছে, আগামী সংসদ নিয়মিত কাজের পাশাপাশি প্রথম ২৭০ দিন (৯ মাস) সংবিধান সংস্কার পরিষদ হিসেবে কাজ করবে। গণভোটে পাস হওয়া প্রস্তাবগুলো এই সময়ের মধ্যে সংবিধানে অন্তর্ভুক্ত করবে। তবে যদি সংসদ তা করতে ব্যর্থ হয়, সেক্ষেত্রে এগুলো স্বয়ংক্রিয়ভাবে সংবিধানে যুক্ত হয়ে যাবে। জাতীয় ঐকমত্য কমিশনকে কোনো যুক্তিতেই সংসদের সাথে তুলনা করা বা সংসদের মর্যাদা দেওয়ার সুযোগ নেই। বরং, কমিশন মানেই হলো সুপারিশকারী প্রতিষ্ঠান। তারা যে সুপারিশ করবে, সরকার সেটি মানতে বাধ্য নয়। আবার সরকারি যেকোনো সিদ্ধান্ত বাতিলের এখতিয়ার রয়েছে সংসদের। তার মানে চূড়ান্ত সিদ্ধান্ত নেবেন জনগণের নির্বাচিত প্রতিনিধিরা। অর্থাৎ নির্বাচনের মধ্য দিয়ে যে সংসদ গঠিত হবে, সংবিধানের যেকোনো পরিবর্তন, সংযোজন, বিয়োজন হতে হবে সংসদেই। বাস্তবতা হলো, জুলাই সনদে অনেকগুলো সুপারিশ সরাসরি সাংবিধানিক পরিবর্তনের সাথে সম্পর্কিত। সাংবিধানিক পরিবর্তন কখনো স্বয়ংক্রিয়ভাবে পাস হয় না। বরং যে-কোনো সাংবিধানিক

পরিবর্তন হতে হয় সংসদে সংখ্যাগরিষ্ঠ মতামতের ভিত্তিতে। পৃথিবীর অনেক দেশে সংবিধান পরিবর্তন করতে হলে সংসদে অনুমোদনের পরে গণভোটের বিধান রয়েছে। কিন্তু জুলাই সনদ বাস্তবায়নে যে সুপারিশ করা হয়েছে, সেটি স্পষ্টতই সংসদের সার্বভৌমত্বের লঙ্ঘন। সংসদ সদস্যরা যেহেতু জনগণের নির্বাচিত প্রতিনিধি, অতএব এটি জনগণের ক্ষমতাকেও খর্ব করে। কেননা, গণভোটের একটি বিতর্কিত পদ্ধতি কখনো সংসদে আলাপ-আলোচনা ও বিতর্কের মধ্য দিয়ে গৃহীত সিদ্ধান্তের চেয়ে বড় হতে পারে না। তাছাড়া বাংলাদেশে অতীতের তিনটি গণভোটে (১৯৭৭, ১৯৮৫, ১৯৯১) কী হয়েছে; কতজন মানুষ ওইসব ভোটে অংশ নিয়েছে- সে বিষয়ে বিস্তর গবেষণা আছে। ইতিহাস বলছে, জনগণের মতামতের বদলে ওইসব গণভোটে ক্ষমতাসীনদের ইচ্ছার প্রতিফলন ঘটেছে। কাগজে-কলমে ৮০ থেকে ৯৮ শতাংশ ভোট পড়লেও বাস্তবে ২০ শতাংশ মানুষও যে ভোটকেন্দ্রে যায়নি। সুতরাং জুলাই সনদ বাস্তবায়নে যে গণভোটের কথা বলা হচ্ছে, সেখানে কী ঘটবে, তা সহজে অনুমেয়। তাছাড়া ৮৪টি সুপারিশ ও ৭টি অঙ্গীকারসম্বলিত যে সনদের অনেক বিষয়ের সঙ্গেই রাজনৈতিক দলগুলোর ভিন্নমত আছে, সেটি কী করে গণভোটে দিয়ে পাস করা যাবে এবং সংবিধান সংস্কার পরিষদ বা সংসদ সেগুলো অনুমোদন না করলে স্বয়ংক্রিয়ভাবে পাস হয়ে যাবে—এমন বিধান পৃথিবীর আর কোনো আছে কি না সন্দেহ আছে। বস্তুত ঐকমত্য কমিশন গঠন করাই হয়েছিল মূলত রাজনৈতিক দলগুলোর মধ্যে ঐক্য স্থাপনের মাধ্যমে দেশে গণতান্ত্রিক ধারায় পরিচালিত করা। জুলাই অভ্যুত্থানে মানবতাবিরোধী অপরাধের বিচার এবং প্রয়োজনীয় ক্ষেত্রে সংস্কার শেষ করে দ্রুত একটি গ্রহণযোগ্য নির্বাচনের মধ্য দিয়ে কীভাবে নির্বাচিত সরকারের হাতে ক্ষমতা হস্তান্তর করা যায়—সেই পথ বের করা। যে কারণে এই কমিশনের সভাপতি হয়েছেন প্রধান উপদেষ্টা নিজেই। আর এই ঐক্য স্থাপন এবং জুলাই সনদ নামে একটি রাজনৈতিক দলিল তৈরির জন্য প্রায় ৮ মাস ধরে রাজনৈতিক দলগুলো আলাপ-আলোচনা করলো এবং বেশ কিছু জায়গায় অনেক দলের নোট অব ডিসেন্ট বা আপত্তিসহ জুলাই সনদে সবাই স্বাক্ষর করলো। কিন্তু দেখা গেলো, ঐকমত্য কমিশন সনদ বাস্তবায়নের যে সুপারিশ করেছে, সেখানে এই নোট অব ডিসেন্টের বিষয়গুলো বাদ দেওয়া হয়েছে। নোট অব ডিসেন্ট বা আপত্তিসমূহ বাদ দিয়ে জুলাই সনদ বাস্তবায়নের সুপারিশের বিষয়ে এবি পার্টির চেয়ারম্যান মজিবুর রহমান ভূঁইয়া মঞ্জু শনিবার রাজধানীতে একটি অনুষ্ঠানে অবশ্য এর একটি ব্যাখ্যা দিয়েছেন। তার যুক্তি হলো, ১৭ অক্টোবর রাজনৈতিক দলগুলো নোট অব ডিসেন্টসহ জুলাই সনদে স্বাক্ষর করেছে এবং জাতীয় ঐকমত্য কমিশন এই নোট অব ডিসেন্টসহই তাদের কার্যবিবরণী প্রস্তুত করেছে। কিন্তু কমিশন যখন সরকারকে তাদের সিদ্ধান্ত জানিয়েছে, সেখানে নোট অব ডিসেন্ট বাদ দিয়েছে। এটা তাদের এখতিয়ার। উদাহরণটা এরকম যে, কোনো একটি অফিসে একজন কর্মীর বিরুদ্ধে আনীত অভিযোগের বিষয়ে সিদ্ধান্ত নেয়ার সময় বোর্ডের ৭ সদস্যের মধ্যে ৫ জন ওই কর্মীকে চাকরিচ্যুত করা এবং দুজন তাকে বহাল রাখার পক্ষে মত দিয়েছেন। এক্ষেত্রে সংখ্যাগরিষ্ঠের মতামতের ভিত্তিতে তাকে চাকরিচ্যুত করা হলো। কিন্তু কার্যবিবরণীতে এটাও উল্লেখ থাকলো যে, বোর্ডের দুজন সদস্য তাকে বহাল রাখার পক্ষে মত দিয়েছেন। মঞ্জু মনে করেন, জুলাই সনদের কার্যবিবরণীতে নোট অব ডিসেন্টের বিষয়ে উল্লেখ করলেও তারা যখন এটি বাস্তবায়নের জন্য সরকারকে তাদের অবস্থান বা সিদ্ধান্ত জানালো, সেখানে তারা নোট অব ডিসেন্ট উল্লেখ করার প্রয়োজন মনে করেনি। কেননা নোট অব ডিসেন্ট দেওয়ার চেয়ে না দেওয়া দলের সংখ্যা বেশি। অর্থাৎ সংখ্যাগরিষ্ঠ মতামতের প্রতি শ্রদ্ধা রেখে কমিশন এই সুপারিশ বা

তাদের সিদ্ধান্ত জানিয়েছে। অবশ্য এ বিষয়ে বিএনপি বা নোট অব ডিসেন্ট দানকারী অন্য দলগুলোর পাল্টা যুক্তি কী, সেটি পরিষ্কার নয়। তবে এখানে একটা জটিলতা আছে। সেটা হলো, জুলাই সনদকে যদি সংবিধানের সাথে তুলনা করা হয় তাহলে সেটি

“ সুতরাং জুলাই সনদ বাস্তবায়নে যে গণভোটের কথা বলা হচ্ছে, সেখানে কী ঘটবে, তা সহজে অনুমেয়। তাছাড়া ৮৪টি সুপারিশ ও ৭টি অঙ্গীকারসম্বলিত যে সনদের অনেক বিষয়ের সঙ্গেই রাজনৈতিক দলগুলোর ভিন্নমত আছে, সেটি কী করে গণভোটে দিয়ে পাস করা যাবে এবং সংবিধান সংস্কার পরিষদ বা সংসদ সেগুলো অনুমোদন না করলে স্বয়ংক্রিয়ভাবে পাস হয়ে যাবেড়এমন বিধান পৃথিবীর আর কোনো আছে কি না সন্দেহ আছে।

বাস্তবায়নে ঐকমত্য কমিশনকে সংসদের মর্যাদা দিতে হবে। সংসদেরই কেবল এই এখতিয়ার আছে যে সংবিধানের কোন অনুচ্ছেদে কতটুকু সংশোধন আনা হবে। সুতরাং জুলাই সনদে সংবিধানের কোথায় কতটুকু পরিবর্তন আনা হবে, এই প্রশ্নে রাজনৈতিক দলগুলোর নোট অব ডিসেন্ট বাদ দিয়ে সুপারিশ করার অর্থই হলো, ঐকমত্য কমিশন নিজেদের সংসদের মতো মর্যাদাবান মনে করেছে। সংসদ হলো নির্বাচিত জনপ্রতিনিধিদের সর্বোচ্চ প্রতিষ্ঠান। আর ঐকমত্য কমিশন গঠিত হয়েছে একটি বিশেষ

পরিস্থিতিতে কিছু অনির্বাচিত ব্যক্তির সমন্বয়ে। তাদের মধ্যে একাধিক সদস্য দ্বৈত নাগরিক। সুতরাং, জাতীয় ঐকমত্য কমিশনকে কোনো যুক্তিতেই সংসদের সাথে তুলনা করা বা সংসদের মর্যাদা দেওয়ার সুযোগ নেই। বরং, কমিশন মানেই হলো সুপারিশকারী প্রতিষ্ঠান। তারা যে সুপারিশ করবে, সরকার সেটি মানতে বাধ্য নয়। আবার সরকারি যেকোনো সিদ্ধান্ত বাতিলের এখতিয়ার রয়েছে সংসদের। তার মানে চূড়ান্ত সিদ্ধান্ত নেবেন জনগণের নির্বাচিত প্রতিনিধিরা। অর্থাৎ নির্বাচনের মধ্য দিয়ে যে সংসদ গঠিত হবে, সংবিধানের যেকোনো পরিবর্তন, সংযোজন, বিয়োজন হতে হবে সংসদেই। এমনকি সংসদ গঠনের আগে গণভোটে জুলাই সনদ অনুমোদনের প্রস্তাবটিও অগণতান্ত্রিক, অসাংবিধানিক।
